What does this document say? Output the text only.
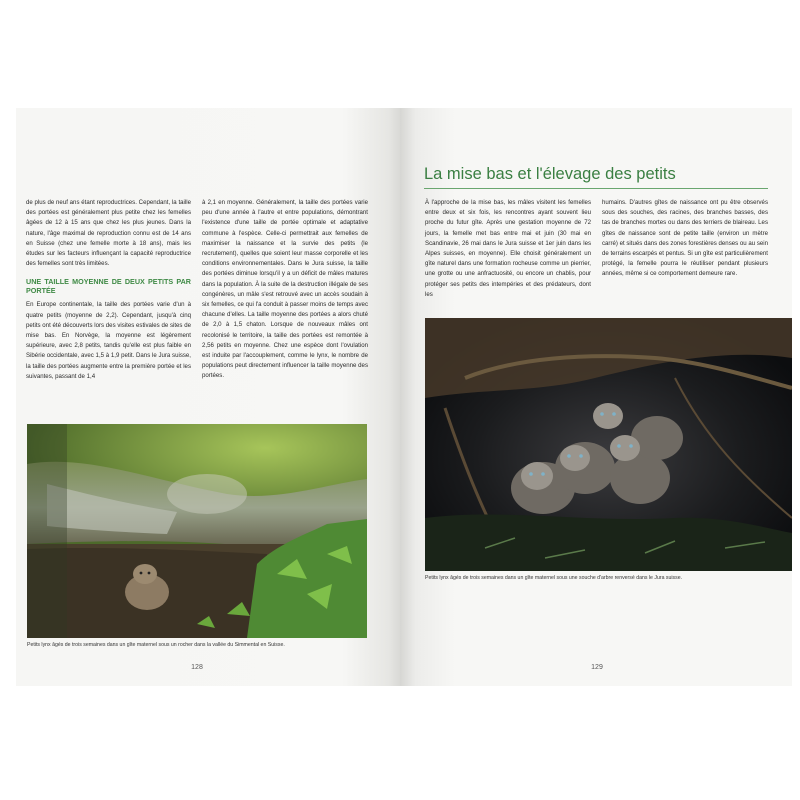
de plus de neuf ans étant reproductrices. Cependant, la taille des portées est généralement plus petite chez les femelles âgées de 12 à 15 ans que chez les plus jeunes. Dans la nature, l'âge maximal de reproduction connu est de 14 ans en Suisse (chez une femelle morte à 18 ans), mais les études sur les facteurs influençant la capacité reproductrice des femelles sont très limitées.

UNE TAILLE MOYENNE DE DEUX PETITS PAR PORTÉE

En Europe continentale, la taille des portées varie d'un à quatre petits (moyenne de 2,2). Cependant, jusqu'à cinq petits ont été découverts lors des visites estivales de sites de mise bas. En Norvège, la moyenne est légèrement supérieure, avec 2,8 petits, tandis qu'elle est plus faible en Sibérie occidentale, avec 1,5 à 1,9 petit. Dans le Jura suisse, la taille des portées augmente entre la première portée et les suivantes, passant de 1,4

à 2,1 en moyenne. Généralement, la taille des portées varie peu d'une année à l'autre et entre populations, démontrant l'existence d'une taille de portée optimale et adaptative commune à l'espèce. Celle-ci permettrait aux femelles de maximiser la naissance et la survie des petits (le recrutement), quelles que soient leur masse corporelle et les conditions environnementales. Dans le Jura suisse, la taille des portées diminue lorsqu'il y a un déficit de mâles matures dans la population. À la suite de la destruction illégale de ses congénères, un mâle s'est retrouvé avec un accès soudain à six femelles, ce qui l'a conduit à passer moins de temps avec chacune d'elles. La taille moyenne des portées a alors chuté de 2,0 à 1,5 chaton. Lorsque de nouveaux mâles ont recolonisé le territoire, la taille des portées est remontée à 2,56 petits en moyenne. Chez une espèce dont l'ovulation est induite par l'accouplement, comme le lynx, le nombre de populations peut directement influencer la taille moyenne des portées.

Petits lynx âgés de trois semaines dans un gîte maternel sous un rocher dans la vallée du Simmental en Suisse.
128
La mise bas et l'élevage des petits

À l'approche de la mise bas, les mâles visitent les femelles entre deux et six fois, les rencontres ayant souvent lieu proche du futur gîte. Après une gestation moyenne de 72 jours, la femelle met bas entre mai et juin (30 mai en Scandinavie, 26 mai dans le Jura suisse et 1er juin dans les Alpes suisses, en moyenne). Elle choisit généralement un gîte naturel dans une formation rocheuse comme un pierrier, une grotte ou une anfractuosité, ou encore un chablis, pour protéger ses petits des intempéries et des prédateurs, dont les

humains. D'autres gîtes de naissance ont pu être observés sous des souches, des racines, des branches basses, des tas de branches mortes ou dans des terriers de blaireau. Les gîtes de naissance sont de petite taille (environ un mètre carré) et situés dans des zones forestières denses ou au sein de terrains escarpés et pentus. Si un gîte est particulièrement protégé, la femelle pourra le réutiliser pendant plusieurs années, même si ce comportement demeure rare.

Petits lynx âgés de trois semaines dans un gîte maternel sous une souche d'arbre renversé dans le Jura suisse.
129
